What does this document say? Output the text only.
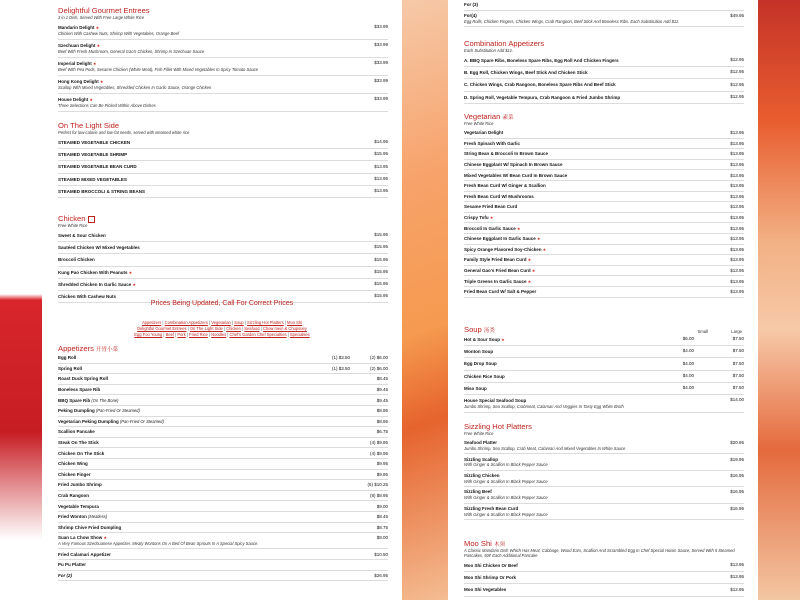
Delightful Gourmet Entrees
3 in 1 Dish, Served With Free Large White Rice
Mandarin Delight ★	$33.99
Chicken With Cashew Nuts, Shrimp With Vegetables, Orange Beef
Szechuan Delight ★	$33.99
Beef With Fresh Mushroom, General Gao's Chicken, Shrimp In Szechuan Sauce
Imperial Delight ★	$33.99
Beef With Pea Pods, Sesame Chicken (White Meat), Fish Fillet With Mixed Vegetables In Spicy Tomato Sauce
Hong Kong Delight ★	$33.99
Scallop With Mixed Vegetables, Shredded Chicken In Garlic Sauce, Orange Chicken
House Delight ★	$33.99
Three Selections Can Be Picked Within Above Dishes
On The Light Side
Perfect for low-calorie and low-fat needs, served with steamed white rice
STEAMED VEGETABLE CHICKEN	$14.95
STEAMED VEGETABLE SHRIMP	$15.95
STEAMED VEGETABLE BEAN CURD	$13.95
STEAMED MIXED VEGETABLES	$13.95
STEAMED BROCCOLI & STRING BEANS	$13.95
Chicken
Free White Rice
Sweet & Sour Chicken	$15.95
Sautéed Chicken W/ Mixed Vegetables	$15.95
Broccoli Chicken	$15.95
Kung Pao Chicken With Peanuts ★	$15.95
Shredded Chicken In Garlic Sauce ★	$15.95
Chicken With Cashew Nuts	$15.95
Prices Being Updated, Call For Correct Prices
Appetizers | Combination Appetizers | Vegetarian | Soup | Sizzling Hot Platters | Moo Shi
Delightful Gourmet Entrees | On The Light Side | Chicken | Seafood | Chow mein & Chopsuey
Egg Foo Young | Beef | Pork | Fried Rice | Noodles | Chef's Garden Chef Specialties | Specialties
Appetizers 开胃小菜
Egg Roll	(1) $3.50	(2) $6.00
Spring Roll	(1) $3.50	(2) $6.00
Roast Duck Spring Roll	$8.45
Boneless Spare Rib	$9.45
BBQ Spare Rib (On The Bone)	$9.45
Peking Dumpling (Pan-Fried Or Steamed)	$8.95
Vegetarian Peking Dumpling (Pan-Fried Or Steamed)	$8.95
Scallion Pancake	$6.75
Steak On The Stick	(4) $9.95
Chicken On The Stick	(4) $9.95
Chicken Wing	$9.95
Chicken Finger	$9.95
Fried Jumbo Shrimp	(6) $10.25
Crab Rangoon	(8) $8.95
Vegetable Tempura	$9.00
Fried Wonton (Meatless)	$8.45
Shrimp Chive Fried Dumpling	$8.75
Suan La Chow Show ★	$9.00
A Very Famous Szechuanese Appetizer. Meaty Wontons On A Bed Of Bean Sprouts In A Special Spicy Sauce.
Fried Calamari Appetizer	$10.50
Pu Pu Platter
For (2)	$26.95
For (3)
For(4)	$49.95
Egg Rolls, Chicken Fingers, Chicken Wings, Crab Rangoon, Beef Stick And Boneless Ribs. Each Substitution Add $1z.
Combination Appetizers
Each Substitution Add $1z.
A. BBQ Spare Ribs, Boneless Spare Ribs, Egg Roll And Chicken Fingers	$12.95
B. Egg Roll, Chicken Wings, Beef Stick And Chicken Stick	$12.95
C. Chicken Wings, Crab Rangoon, Boneless Spare Ribs And Beef Stick	$12.95
D. Spring Roll, Vegetable Tempura, Crab Rangoon & Fried Jumbo Shrimp	$12.95
Vegetarian 素菜
Free White Rice
Vegetarian Delight	$13.95
Fresh Spinach With Garlic	$13.95
String Bean & Broccoli In Brown Sauce	$13.95
Chinese Eggplant W/ Spinach In Brown Sauce	$13.95
Mixed Vegetables W/ Bean Curd In Brown Sauce	$13.95
Fresh Bean Curd W/ Ginger & Scallion	$13.95
Fresh Bean Curd W/ Mushrooms	$13.95
Sesame Fried Bean Curd	$13.95
Crispy Tofu ★	$13.95
Broccoli In Garlic Sauce ★	$13.95
Chinese Eggplant In Garlic Sauce ★	$13.95
Spicy Orange Flavored Soy-Chicken ★	$13.95
Family Style Fried Bean Curd ★	$13.95
General Gao's Fried Bean Curd ★	$13.95
Triple Greens In Garlic Sauce ★	$13.95
Fried Bean Curd W/ Salt & Pepper	$13.95
Soup 汤类	Small	Large
Hot & Sour Soup ★	$6.00	$7.50
Wonton Soup	$4.00	$7.50
Egg Drop Soup	$4.00	$7.50
Chicken Rice Soup	$4.00	$7.50
Miso Soup	$4.00	$7.50
House Special Seafood Soup	$14.00
Jumbo Shrimp, Sea Scallop, Crabmeat, Calamari And Veggies In Tasty Egg White Broth
Sizzling Hot Platters
Free White Rice
Seafood Platter	$20.95
Jumbo Shrimp, Sea Scallop, Crab Meat, Calamari And Mixed Vegetables In White Sauce
Sizzling Scallop	$19.95
With Ginger & Scallion In Black Pepper Sauce
Sizzling Chicken	$16.95
With Ginger & Scallion In Black Pepper Sauce
Sizzling Beef	$16.95
With Ginger & Scallion In Black Pepper Sauce
Sizzling Fresh Bean Curd	$16.95
With Ginger & Scallion In Black Pepper Sauce
Moo Shi 木须
A Classic Mandarin Dish Which Has Meat, Cabbage, Wood Ears, Scallion And Scrambled Egg In Chef Special Hoisin Sauce, Served With 5 Steamed Pancakes, 50¢ Each Additional Pancake
Moo Shi Chicken Or Beef	$13.95
Moo Shi Shrimp Or Pork	$13.95
Moo Shi Vegetables	$12.95
